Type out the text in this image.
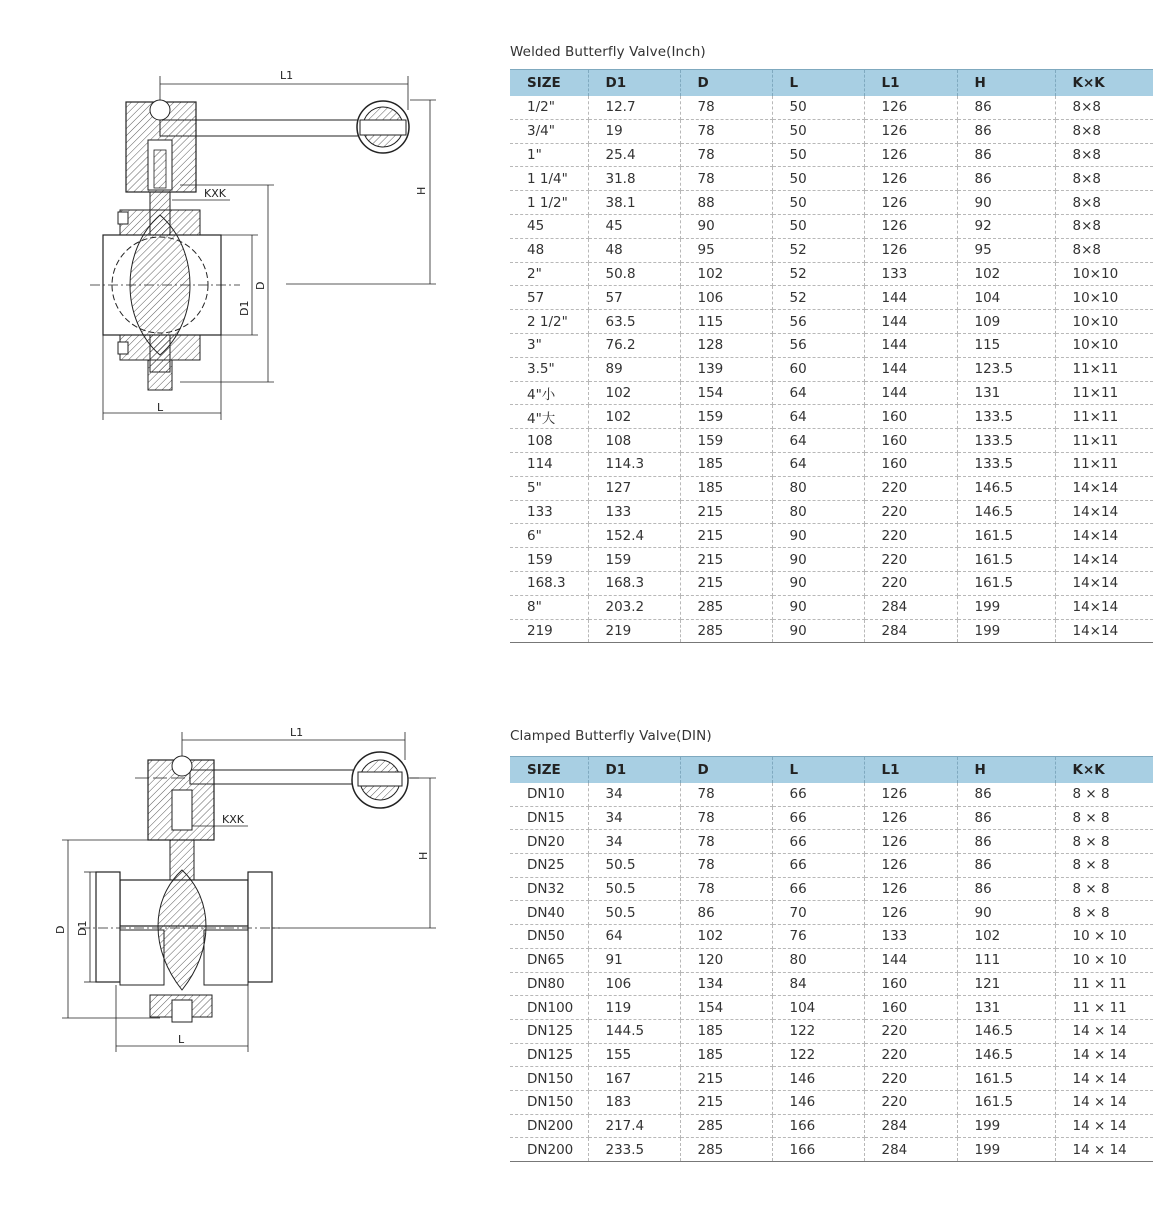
L1
H
KXK
D
D1
L
Welded Butterfly Valve(Inch)
SIZE	D1	D	L	L1	H	K×K
1/2"	12.7	78	50	126	86	8×8
3/4"	19	78	50	126	86	8×8
1"	25.4	78	50	126	86	8×8
1 1/4"	31.8	78	50	126	86	8×8
1 1/2"	38.1	88	50	126	90	8×8
45	45	90	50	126	92	8×8
48	48	95	52	126	95	8×8
2"	50.8	102	52	133	102	10×10
57	57	106	52	144	104	10×10
2 1/2"	63.5	115	56	144	109	10×10
3"	76.2	128	56	144	115	10×10
3.5"	89	139	60	144	123.5	11×11
4"小	102	154	64	144	131	11×11
4"大	102	159	64	160	133.5	11×11
108	108	159	64	160	133.5	11×11
114	114.3	185	64	160	133.5	11×11
5"	127	185	80	220	146.5	14×14
133	133	215	80	220	146.5	14×14
6"	152.4	215	90	220	161.5	14×14
159	159	215	90	220	161.5	14×14
168.3	168.3	215	90	220	161.5	14×14
8"	203.2	285	90	284	199	14×14
219	219	285	90	284	199	14×14
L1
H
KXK
D D1
L
Clamped Butterfly Valve(DIN)
SIZE	D1	D	L	L1	H	K×K
DN10	34	78	66	126	86	8 × 8
DN15	34	78	66	126	86	8 × 8
DN20	34	78	66	126	86	8 × 8
DN25	50.5	78	66	126	86	8 × 8
DN32	50.5	78	66	126	86	8 × 8
DN40	50.5	86	70	126	90	8 × 8
DN50	64	102	76	133	102	10 × 10
DN65	91	120	80	144	111	10 × 10
DN80	106	134	84	160	121	11 × 11
DN100	119	154	104	160	131	11 × 11
DN125	144.5	185	122	220	146.5	14 × 14
DN125	155	185	122	220	146.5	14 × 14
DN150	167	215	146	220	161.5	14 × 14
DN150	183	215	146	220	161.5	14 × 14
DN200	217.4	285	166	284	199	14 × 14
DN200	233.5	285	166	284	199	14 × 14
